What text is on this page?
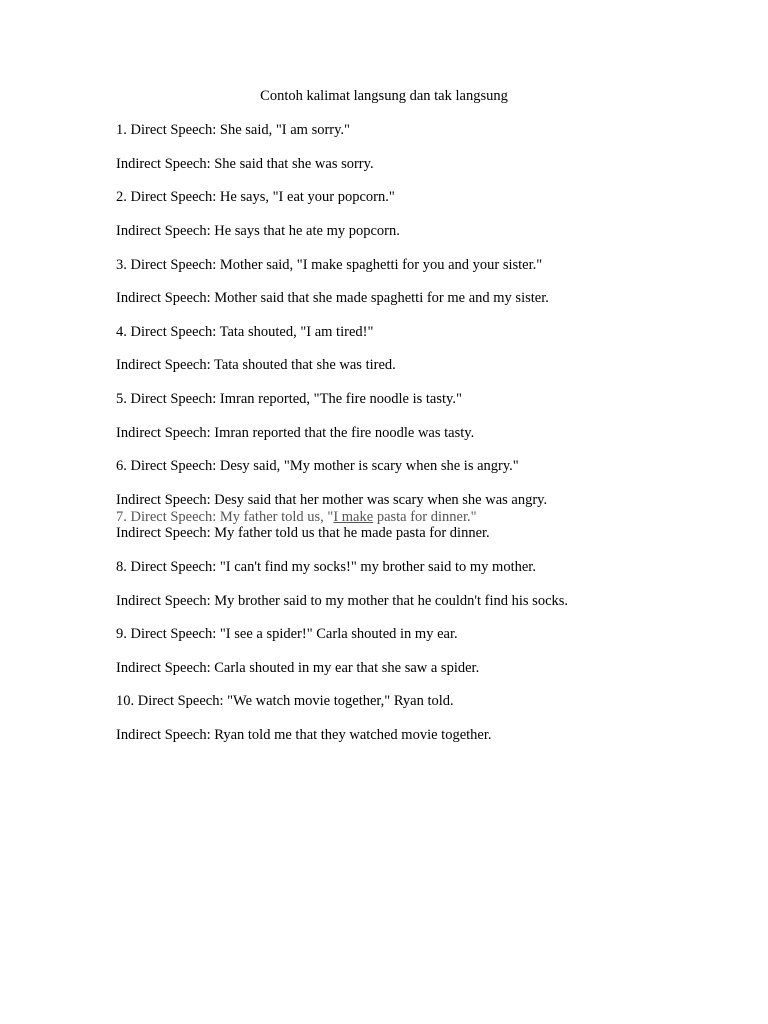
Contoh kalimat langsung dan tak langsung
1. Direct Speech: She said, "I am sorry."
Indirect Speech: She said that she was sorry.
2. Direct Speech: He says, "I eat your popcorn."
Indirect Speech: He says that he ate my popcorn.
3. Direct Speech: Mother said, "I make spaghetti for you and your sister."
Indirect Speech: Mother said that she made spaghetti for me and my sister.
4. Direct Speech: Tata shouted, "I am tired!"
Indirect Speech: Tata shouted that she was tired.
5. Direct Speech: Imran reported, "The fire noodle is tasty."
Indirect Speech: Imran reported that the fire noodle was tasty.
6. Direct Speech: Desy said, "My mother is scary when she is angry."
Indirect Speech: Desy said that her mother was scary when she was angry.
7. Direct Speech: My father told us, "I make pasta for dinner."
Indirect Speech: My father told us that he made pasta for dinner.
8. Direct Speech: "I can't find my socks!" my brother said to my mother.
Indirect Speech: My brother said to my mother that he couldn't find his socks.
9. Direct Speech: "I see a spider!" Carla shouted in my ear.
Indirect Speech: Carla shouted in my ear that she saw a spider.
10. Direct Speech: "We watch movie together," Ryan told.
Indirect Speech: Ryan told me that they watched movie together.
